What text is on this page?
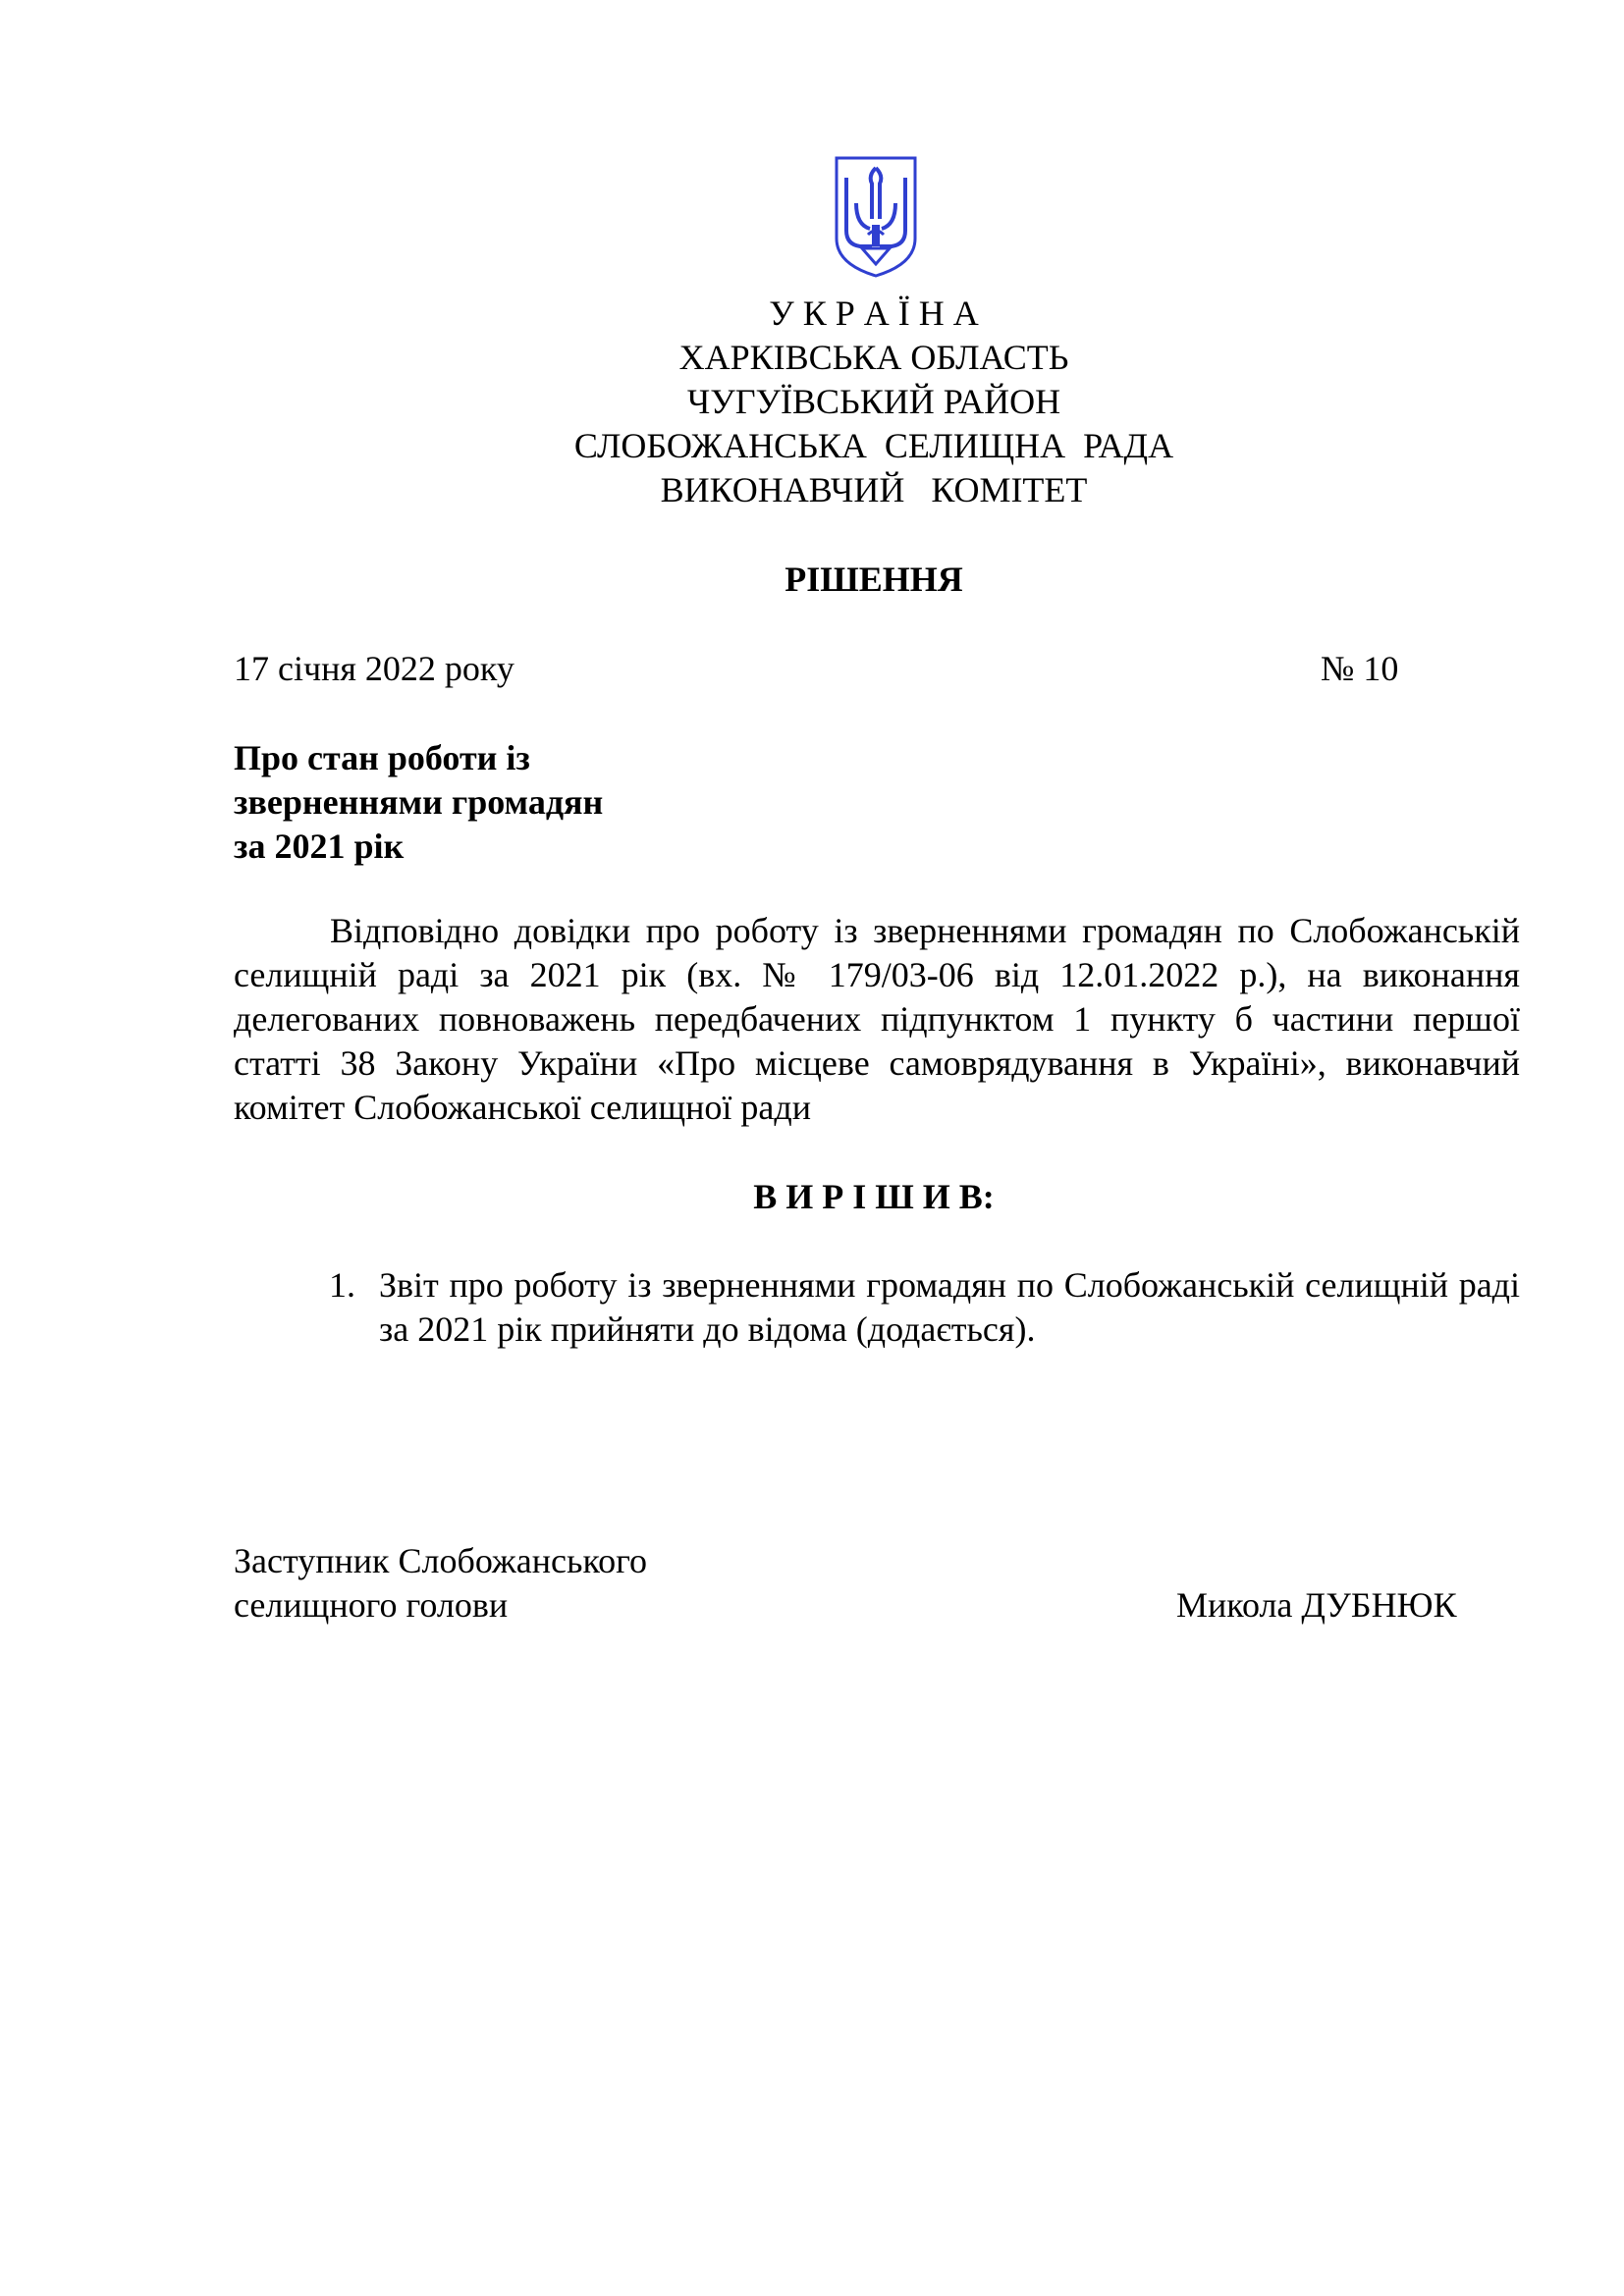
У К Р А Ї Н А
ХАРКІВСЬКА ОБЛАСТЬ
ЧУГУЇВСЬКИЙ РАЙОН
СЛОБОЖАНСЬКА  СЕЛИЩНА  РАДА
ВИКОНАВЧИЙ   КОМІТЕТ
РІШЕННЯ
17 січня 2022 року	№ 10
Про стан роботи із
зверненнями громадян
за 2021 рік
Відповідно довідки про роботу із зверненнями громадян по Слобожанській селищній раді за 2021 рік (вх. № 179/03-06 від 12.01.2022 р.), на виконання делегованих повноважень передбачених підпунктом 1 пункту б частини першої статті 38 Закону України «Про місцеве самоврядування в Україні», виконавчий комітет Слобожанської селищної ради
В И Р І Ш И В:
1. Звіт про роботу із зверненнями громадян по Слобожанській селищній раді за 2021 рік прийняти до відома (додається).
Заступник Слобожанського
селищного голови	Микола ДУБНЮК
